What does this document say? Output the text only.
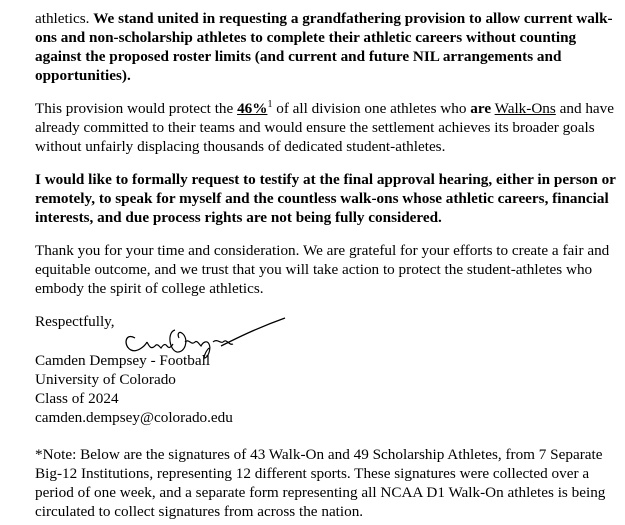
athletics. We stand united in requesting a grandfathering provision to allow current walk-ons and non-scholarship athletes to complete their athletic careers without counting against the proposed roster limits (and current and future NIL arrangements and opportunities).

This provision would protect the 46%$^1$ of all division one athletes who are Walk-Ons and have already committed to their teams and would ensure the settlement achieves its broader goals without unfairly displacing thousands of dedicated student-athletes.

I would like to formally request to testify at the final approval hearing, either in person or remotely, to speak for myself and the countless walk-ons whose athletic careers, financial interests, and due process rights are not being fully considered.

Thank you for your time and consideration. We are grateful for your efforts to create a fair and equitable outcome, and we trust that you will take action to protect the student-athletes who embody the spirit of college athletics.

Respectfully,
Camden Dempsey - Football
University of Colorado
Class of 2024
camden.dempsey@colorado.edu

*Note: Below are the signatures of 43 Walk-On and 49 Scholarship Athletes, from 7 Separate Big-12 Institutions, representing 12 different sports. These signatures were collected over a period of one week, and a separate form representing all NCAA D1 Walk-On athletes is being circulated to collect signatures from across the nation.
